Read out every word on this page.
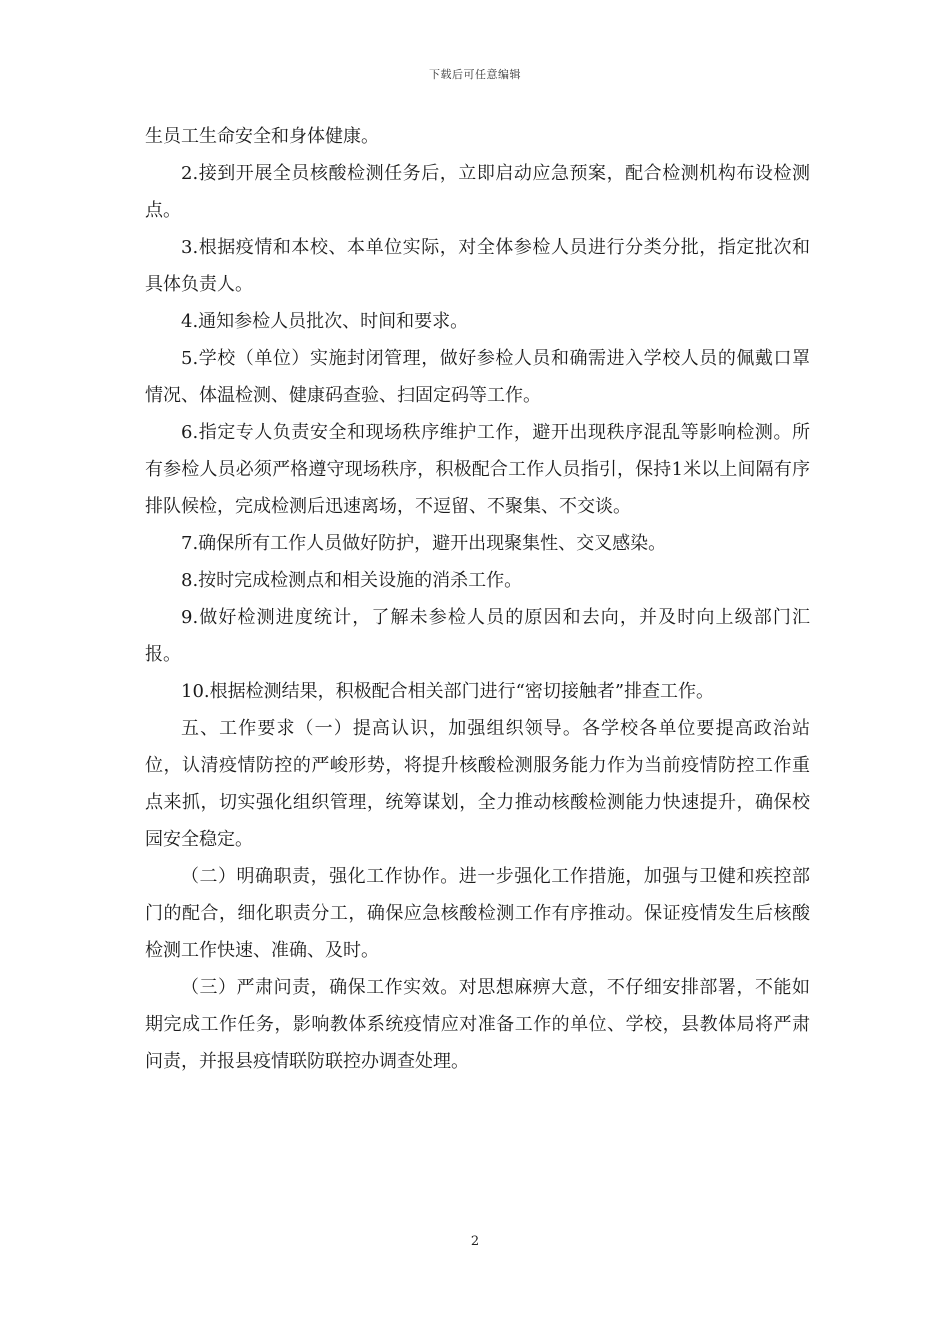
下载后可任意编辑

生员工生命安全和身体健康。

2.接到开展全员核酸检测任务后，立即启动应急预案，配合检测机构布设检测点。

3.根据疫情和本校、本单位实际，对全体参检人员进行分类分批，指定批次和具体负责人。

4.通知参检人员批次、时间和要求。

5.学校（单位）实施封闭管理，做好参检人员和确需进入学校人员的佩戴口罩情况、体温检测、健康码查验、扫固定码等工作。

6.指定专人负责安全和现场秩序维护工作，避开出现秩序混乱等影响检测。所有参检人员必须严格遵守现场秩序，积极配合工作人员指引，保持1米以上间隔有序排队候检，完成检测后迅速离场，不逗留、不聚集、不交谈。

7.确保所有工作人员做好防护，避开出现聚集性、交叉感染。

8.按时完成检测点和相关设施的消杀工作。

9.做好检测进度统计，了解未参检人员的原因和去向，并及时向上级部门汇报。

10.根据检测结果，积极配合相关部门进行“密切接触者”排查工作。

五、工作要求（一）提高认识，加强组织领导。各学校各单位要提高政治站位，认清疫情防控的严峻形势，将提升核酸检测服务能力作为当前疫情防控工作重点来抓，切实强化组织管理，统筹谋划，全力推动核酸检测能力快速提升，确保校园安全稳定。

（二）明确职责，强化工作协作。进一步强化工作措施，加强与卫健和疾控部门的配合，细化职责分工，确保应急核酸检测工作有序推动。保证疫情发生后核酸检测工作快速、准确、及时。

（三）严肃问责，确保工作实效。对思想麻痹大意，不仔细安排部署，不能如期完成工作任务，影响教体系统疫情应对准备工作的单位、学校，县教体局将严肃问责，并报县疫情联防联控办调查处理。

2
